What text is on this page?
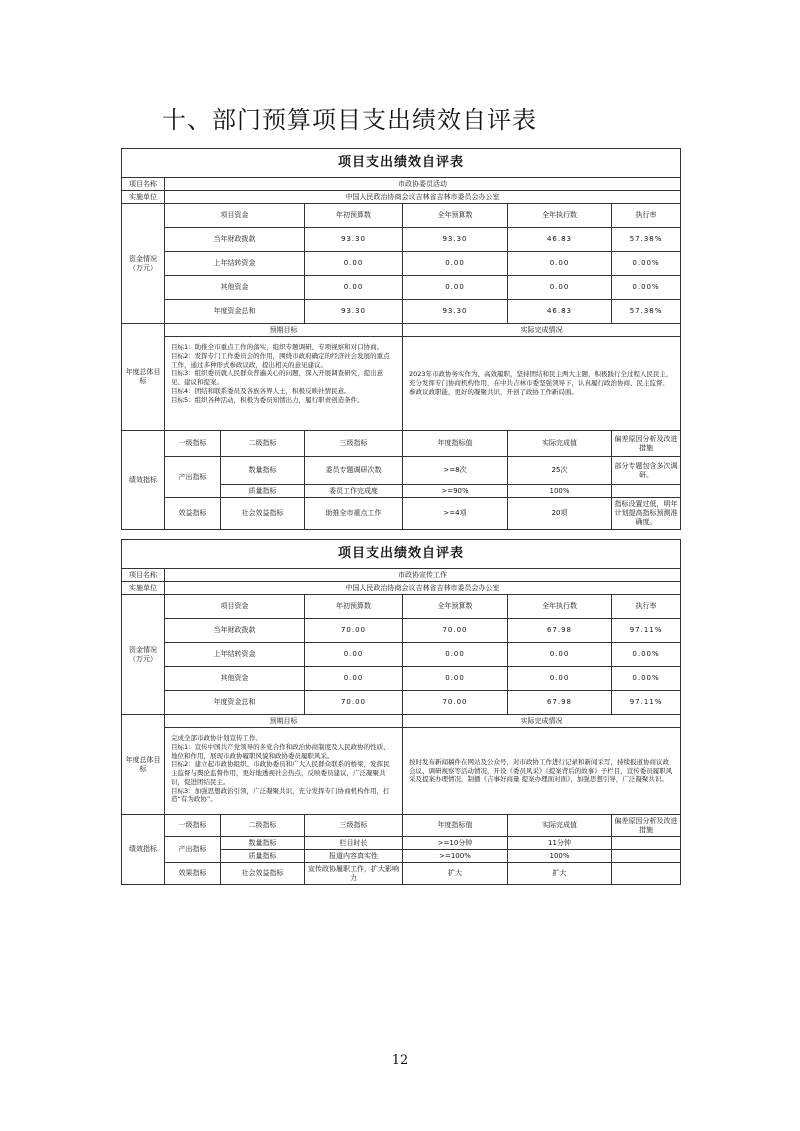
十、部门预算项目支出绩效自评表
项目支出绩效自评表						
项目名称	市政协委员活动					
实施单位	中国人民政治协商会议吉林省吉林市委员会办公室					
资金情况（万元）	项目资金		年初预算数	全年预算数	全年执行数	执行率
	当年财政拨款		93.30	93.30	46.83	57.38%
	上年结转资金		0.00	0.00	0.00	0.00%
	其他资金		0.00	0.00	0.00	0.00%
	年度资金总和		93.30	93.30	46.83	57.38%
年度总体目标	预期目标			实际完成情况		

	目标1：助推全市重点工作的落实，组织专题调研、专项视察和对口协商。

目标2：发挥专门工作委员会的作用，围绕市政府确定的经济社会发展的重点工作，通过多种形式参政议政，提出相关的意见建议。

目标3：组织委员就人民群众普遍关心的问题，深入开展调查研究，提出意见、建议和提案。

目标4：团结和联系委员及各族各界人士，积极反映社情民意。

目标5：组织各种活动，积极为委员知情出力，履行职责创造条件。			2023年市政协务实作为、高效履职，坚持团结和民主两大主题，积极践行全过程人民民主，充分发挥专门协商机构作用，在中共吉林市委坚强领导下，认真履行政治协商、民主监督、参政议政职能，更好的凝聚共识，开创了政协工作新局面。		
绩效指标	一级指标	二级指标	三级指标	年度指标值	实际完成值	偏差原因分析及改进措施
	产出指标	数量指标	委员专题调研次数	>=8次	25次	部分专题包含多次调研。
		质量指标	委员工作完成度	>=90%	100%	
	效益指标	社会效益指标	助推全市重点工作	>=4项	20项	指标设置过低，明年计划提高指标预测准确度。
项目支出绩效自评表						
项目名称	市政协宣传工作					
实施单位	中国人民政治协商会议吉林省吉林市委员会办公室					
资金情况（万元）	项目资金		年初预算数	全年预算数	全年执行数	执行率
	当年财政拨款		70.00	70.00	67.98	97.11%
	上年结转资金		0.00	0.00	0.00	0.00%
	其他资金		0.00	0.00	0.00	0.00%
	年度资金总和		70.00	70.00	67.98	97.11%
年度总体目标	预期目标			实际完成情况		

	完成全部市政协计划宣传工作。

目标1：宣传中国共产党领导的多党合作和政治协商制度及人民政协的性质、地位和作用，展现市政协履职风貌和政协委员履职风采。

目标2：建立起市政协组织、市政协委员和广大人民群众联系的桥梁，发挥民主监督与舆论监督作用，更好地透视社会热点，反映委员建议，广泛凝聚共识，促进团结民主。

目标3：加强思想政治引领，广泛凝聚共识，充分发挥专门协商机构作用，打造“有为政协”。			按时发布新闻稿件在网站及公众号，对市政协工作进行记录和新闻采写，持续报道协商议政会议、调研视察等活动情况，开设《委员风采》《提案背后的故事》子栏目，宣传委员履职风采及提案办理情况，制播《吉事好商量 提案办理面对面》，加强思想引导，广泛凝聚共识。		
绩效指标	一级指标	二级指标	三级指标	年度指标值	实际完成值	偏差原因分析及改进措施
	产出指标	数量指标	栏目时长	>=10分钟	11分钟	
		质量指标	报道内容真实性	>=100%	100%	
	效果指标	社会效益指标	宣传政协履职工作，扩大影响力	扩大	扩大	
12
